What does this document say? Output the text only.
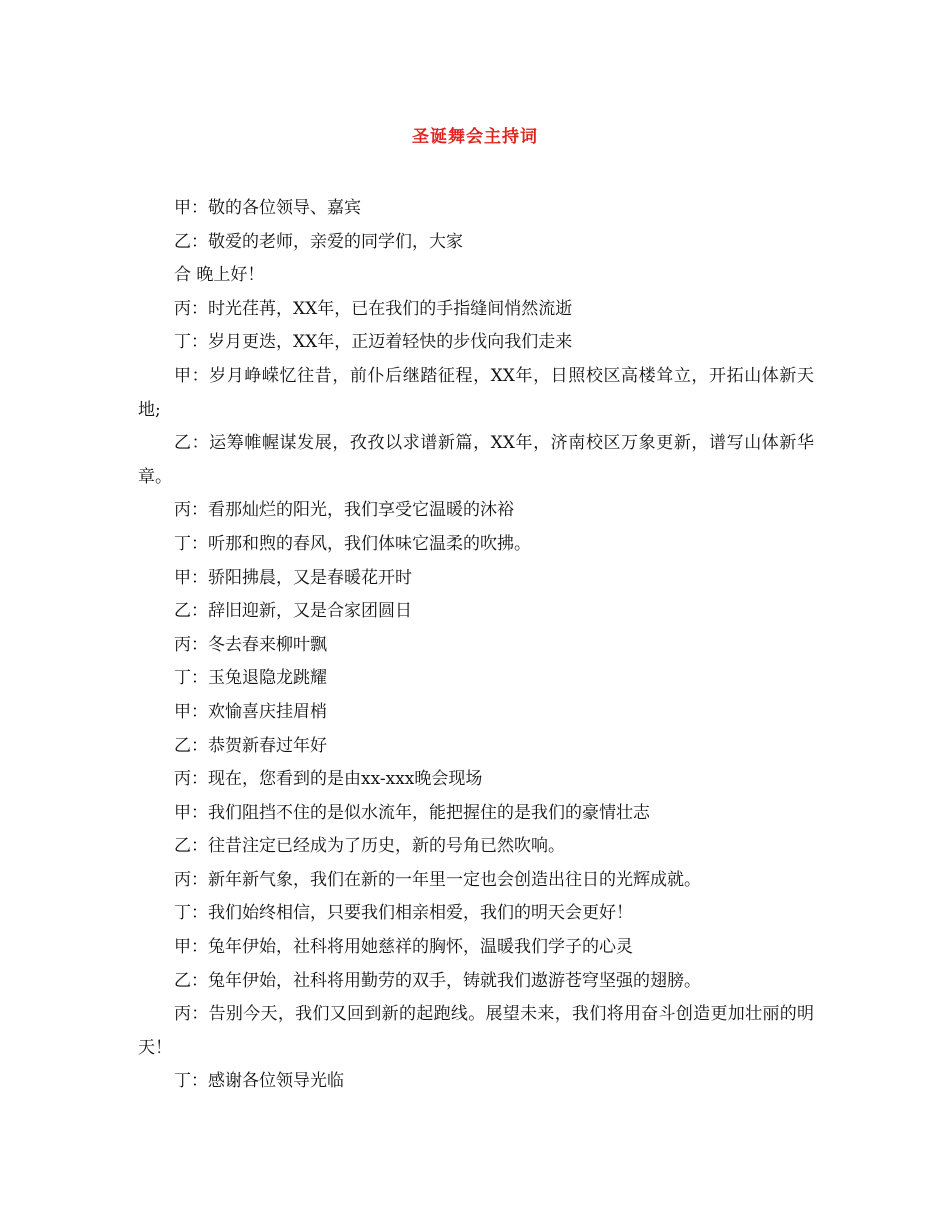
圣诞舞会主持词

甲：敬的各位领导、嘉宾

乙：敬爱的老师，亲爱的同学们，大家

合 晚上好！

丙：时光荏苒，XX年，已在我们的手指缝间悄然流逝

丁：岁月更迭，XX年，正迈着轻快的步伐向我们走来

甲：岁月峥嵘忆往昔，前仆后继踏征程，XX年，日照校区高楼耸立，开拓山体新天地;

乙：运筹帷幄谋发展，孜孜以求谱新篇，XX年，济南校区万象更新，谱写山体新华章。

丙：看那灿烂的阳光，我们享受它温暖的沐裕

丁：听那和煦的春风，我们体味它温柔的吹拂。

甲：骄阳拂晨，又是春暖花开时

乙：辞旧迎新，又是合家团圆日

丙：冬去春来柳叶飘

丁：玉兔退隐龙跳耀

甲：欢愉喜庆挂眉梢

乙：恭贺新春过年好

丙：现在，您看到的是由xx-xxx晚会现场

甲：我们阻挡不住的是似水流年，能把握住的是我们的豪情壮志

乙：往昔注定已经成为了历史，新的号角已然吹响。

丙：新年新气象，我们在新的一年里一定也会创造出往日的光辉成就。

丁：我们始终相信，只要我们相亲相爱，我们的明天会更好！

甲：兔年伊始，社科将用她慈祥的胸怀，温暖我们学子的心灵

乙：兔年伊始，社科将用勤劳的双手，铸就我们遨游苍穹坚强的翅膀。

丙：告别今天，我们又回到新的起跑线。展望未来，我们将用奋斗创造更加壮丽的明天！

丁：感谢各位领导光临
